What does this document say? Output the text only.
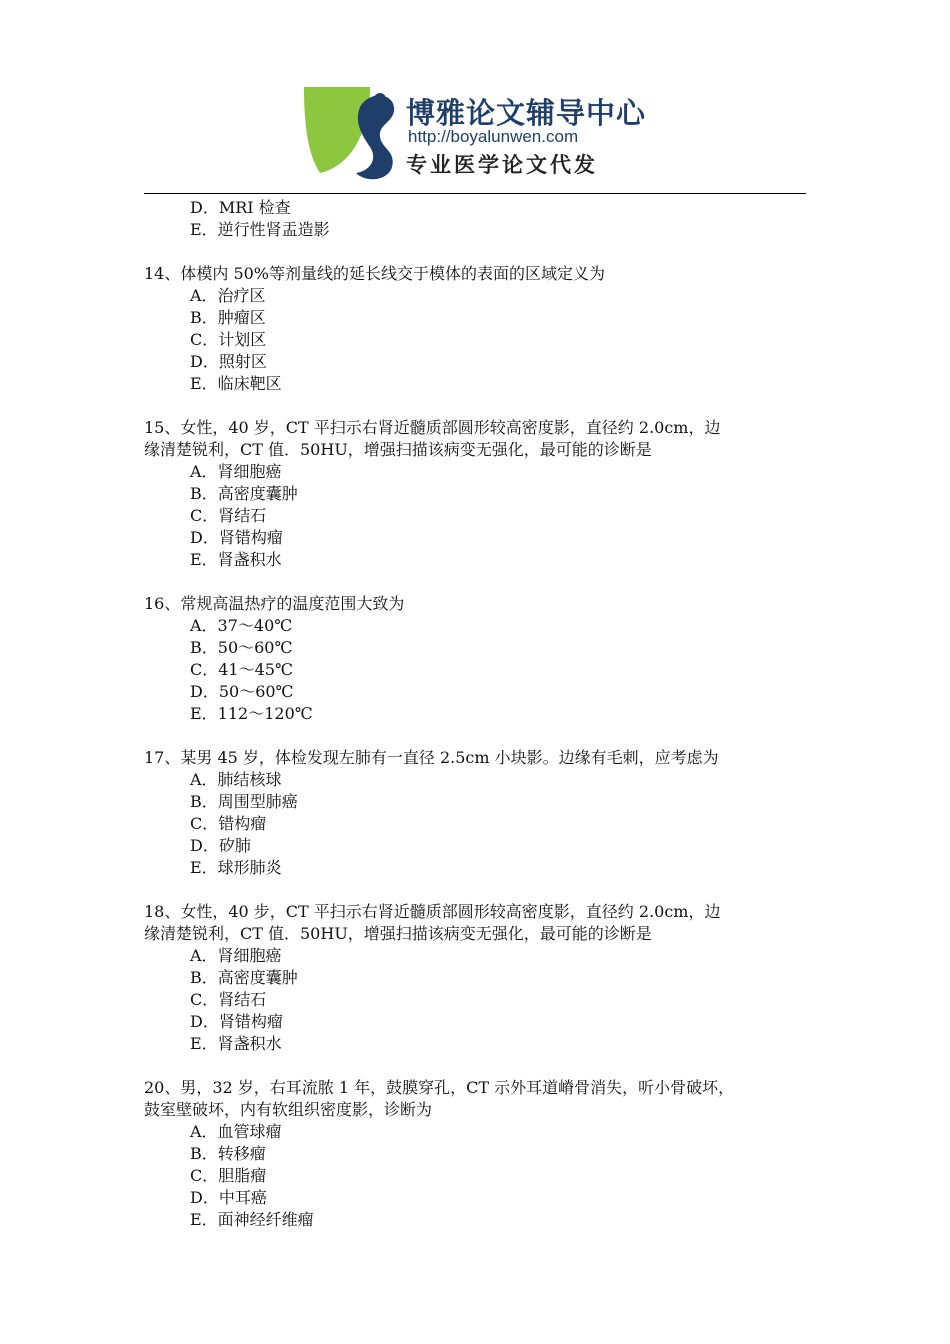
博雅论文辅导中心
http://boyalunwen.com
专业医学论文代发
D．MRI 检查
E．逆行性肾盂造影
14、体模内 50%等剂量线的延长线交于模体的表面的区域定义为
A．治疗区
B．肿瘤区
C．计划区
D．照射区
E．临床靶区
15、女性，40 岁，CT 平扫示右肾近髓质部圆形较高密度影，直径约 2.0cm，边
缘清楚锐利，CT 值．50HU，增强扫描该病变无强化，最可能的诊断是
A．肾细胞癌
B．高密度囊肿
C．肾结石
D．肾错构瘤
E．肾盏积水
16、常规高温热疗的温度范围大致为
A．37～40℃
B．50～60℃
C．41～45℃
D．50～60℃
E．112～120℃
17、某男 45 岁，体检发现左肺有一直径 2.5cm 小块影。边缘有毛刺，应考虑为
A．肺结核球
B．周围型肺癌
C．错构瘤
D．矽肺
E．球形肺炎
18、女性，40 步，CT 平扫示右肾近髓质部圆形较高密度影，直径约 2.0cm，边
缘清楚锐利，CT 值．50HU，增强扫描该病变无强化，最可能的诊断是
A．肾细胞癌
B．高密度囊肿
C．肾结石
D．肾错构瘤
E．肾盏积水
20、男，32 岁，右耳流脓 1 年，鼓膜穿孔，CT 示外耳道嵴骨消失，听小骨破坏，
鼓室壁破坏，内有软组织密度影，诊断为
A．血管球瘤
B．转移瘤
C．胆脂瘤
D．中耳癌
E．面神经纤维瘤
